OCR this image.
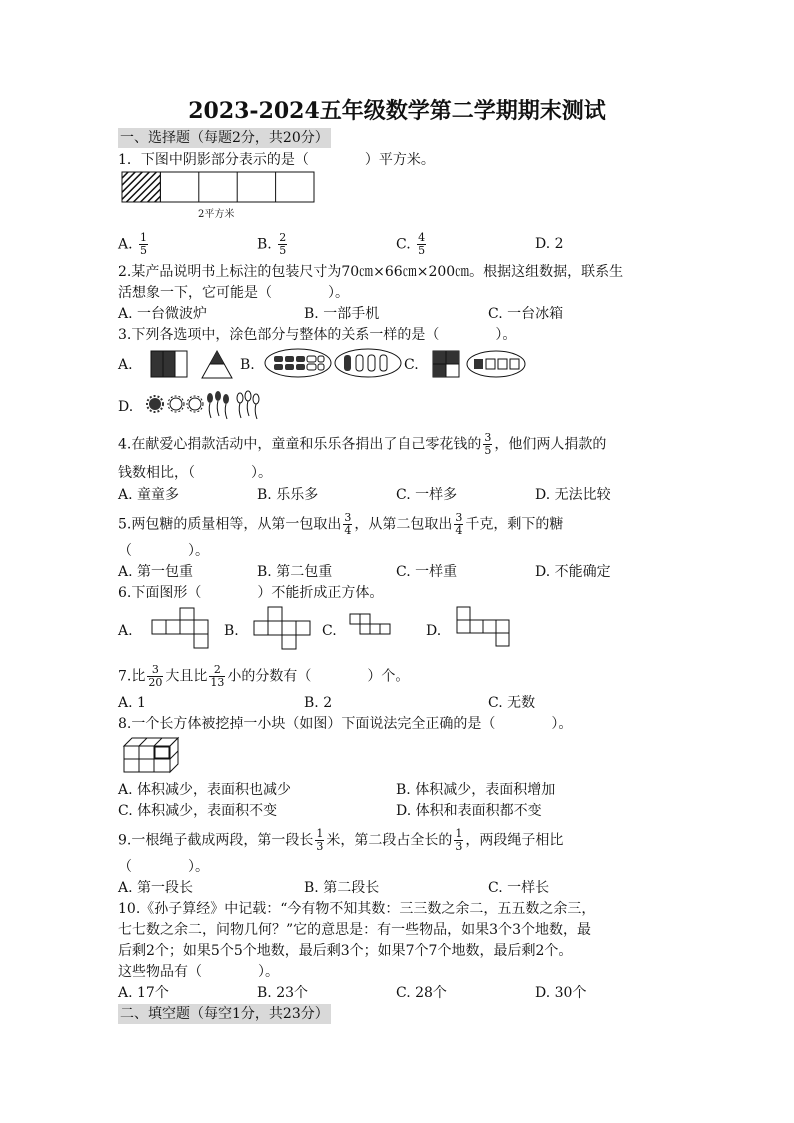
2023-2024五年级数学第二学期期末测试
一、选择题（每题2分，共20分）
1．下图中阴影部分表示的是（　　　　）平方米。
2平方米
A. $\frac{1}{5}$	B. $\frac{2}{5}$	C. $\frac{4}{5}$	D. 2
2.某产品说明书上标注的包装尺寸为70㎝×66㎝×200㎝。根据这组数据，联系生
活想象一下，它可能是（　　　　）。
A. 一台微波炉	B. 一部手机	C. 一台冰箱
3.下列各选项中，涂色部分与整体的关系一样的是（　　　　）。
A.	B.	C.
D.
4.在献爱心捐款活动中，童童和乐乐各捐出了自己零花钱的 $\frac{3}{5}$ ，他们两人捐款的
钱数相比，（　　　　）。
A. 童童多	B. 乐乐多	C. 一样多	D. 无法比较
5.两包糖的质量相等，从第一包取出 $\frac{3}{4}$ ，从第二包取出 $\frac{3}{4}$ 千克，剩下的糖
（　　　　）。
A. 第一包重	B. 第二包重	C. 一样重	D. 不能确定
6.下面图形（　　　　）不能折成正方体。
A.	B.	C.	D.
7.比 $\frac{3}{20}$ 大且比 $\frac{2}{13}$ 小的分数有（　　　　）个。
A. 1	B. 2	C. 无数
8.一个长方体被挖掉一小块（如图）下面说法完全正确的是（　　　　）。
A. 体积减少，表面积也减少	B. 体积减少，表面积增加
C. 体积减少，表面积不变	D. 体积和表面积都不变
9.一根绳子截成两段，第一段长 $\frac{1}{3}$ 米，第二段占全长的 $\frac{1}{3}$ ，两段绳子相比
（　　　　）。
A. 第一段长	B. 第二段长	C. 一样长
10.《孙子算经》中记载：“今有物不知其数：三三数之余二，五五数之余三，
七七数之余二，问物几何？”它的意思是：有一些物品，如果3个3个地数，最
后剩2个；如果5个5个地数，最后剩3个；如果7个7个地数，最后剩2个。
这些物品有（　　　　）。
A. 17个	B. 23个	C. 28个	D. 30个
二、填空题（每空1分，共23分）
